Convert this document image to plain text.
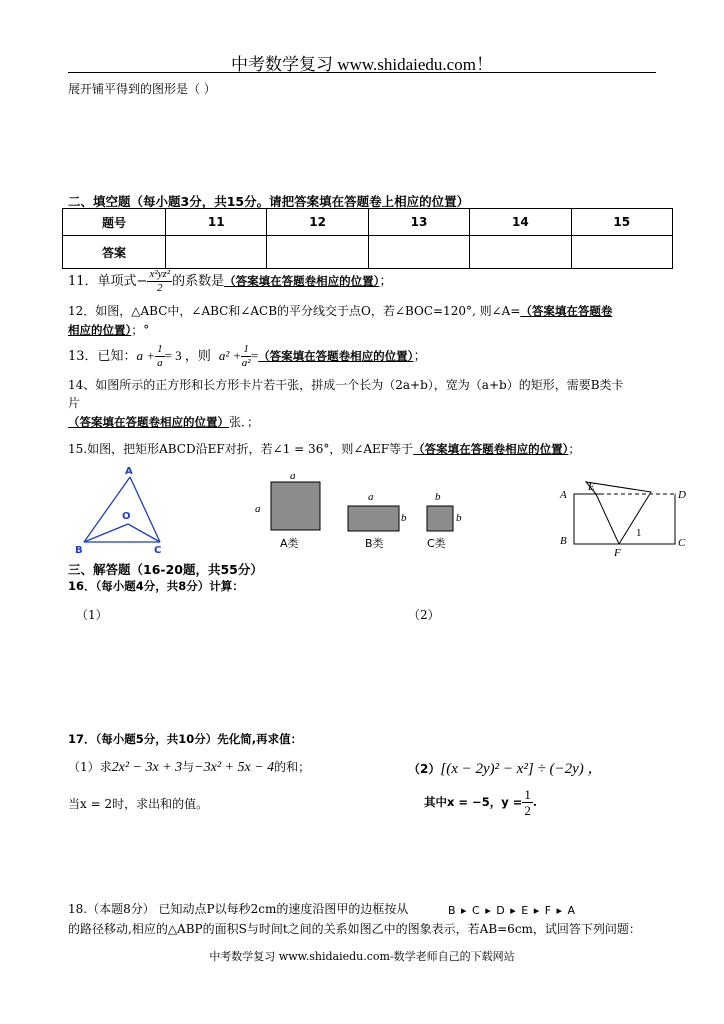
中考数学复习 www.shidaiedu.com！
展开铺平得到的图形是（ ）
二、填空题（每小题3分，共15分。请把答案填在答题卷上相应的位置）
题号	11	12	13	14	15
答案					
11．单项式− $\frac{\text{x²yz²}}{2}$ 的系数是（答案填在答题卷相应的位置）；
12．如图，△ABC中，∠ABC和∠ACB的平分线交于点O，若∠BOC=120°, 则∠A=（答案填在答题卷
相应的位置）；°
13．已知：$a + \frac{1}{a} = 3$ ，则 $a^2 + \frac{1}{\text{a²}}$ =（答案填在答题卷相应的位置）；
14、如图所示的正方形和长方形卡片若干张，拼成一个长为（2a+b），宽为（a+b）的矩形，需要B类卡
片
（答案填在答题卷相应的位置）张．；
15.如图，把矩形ABCD沿EF对折，若∠1 = 36°，则∠AEF等于（答案填在答题卷相应的位置）；
A
B	C
O
a
a
a
b
b
b
A类	B类	C类
A
E
D
B
F
C
1
三、解答题（16-20题，共55分）
16．（每小题4分，共8分）计算：
（1）	（2）
17．（每小题5分，共10分）先化简,再求值：
（1）求2x² − 3x + 3与−3x² + 5x − 4的和；
当x = 2时，求出和的值。
（2）[(x − 2y)² − x²] ÷ (−2y) ，
其中x = −5，$y = \frac{1}{2}$ .
18.（本题8分） 已知动点P以每秒2cm的速度沿图甲的边框按从	B ▸ C ▸ D ▸ E ▸ F ▸ A
的路径移动,相应的△ABP的面积S与时间t之间的关系如图乙中的图象表示，若AB=6cm，试回答下列问题：
中考数学复习 www.shidaiedu.com-数学老师自己的下载网站
